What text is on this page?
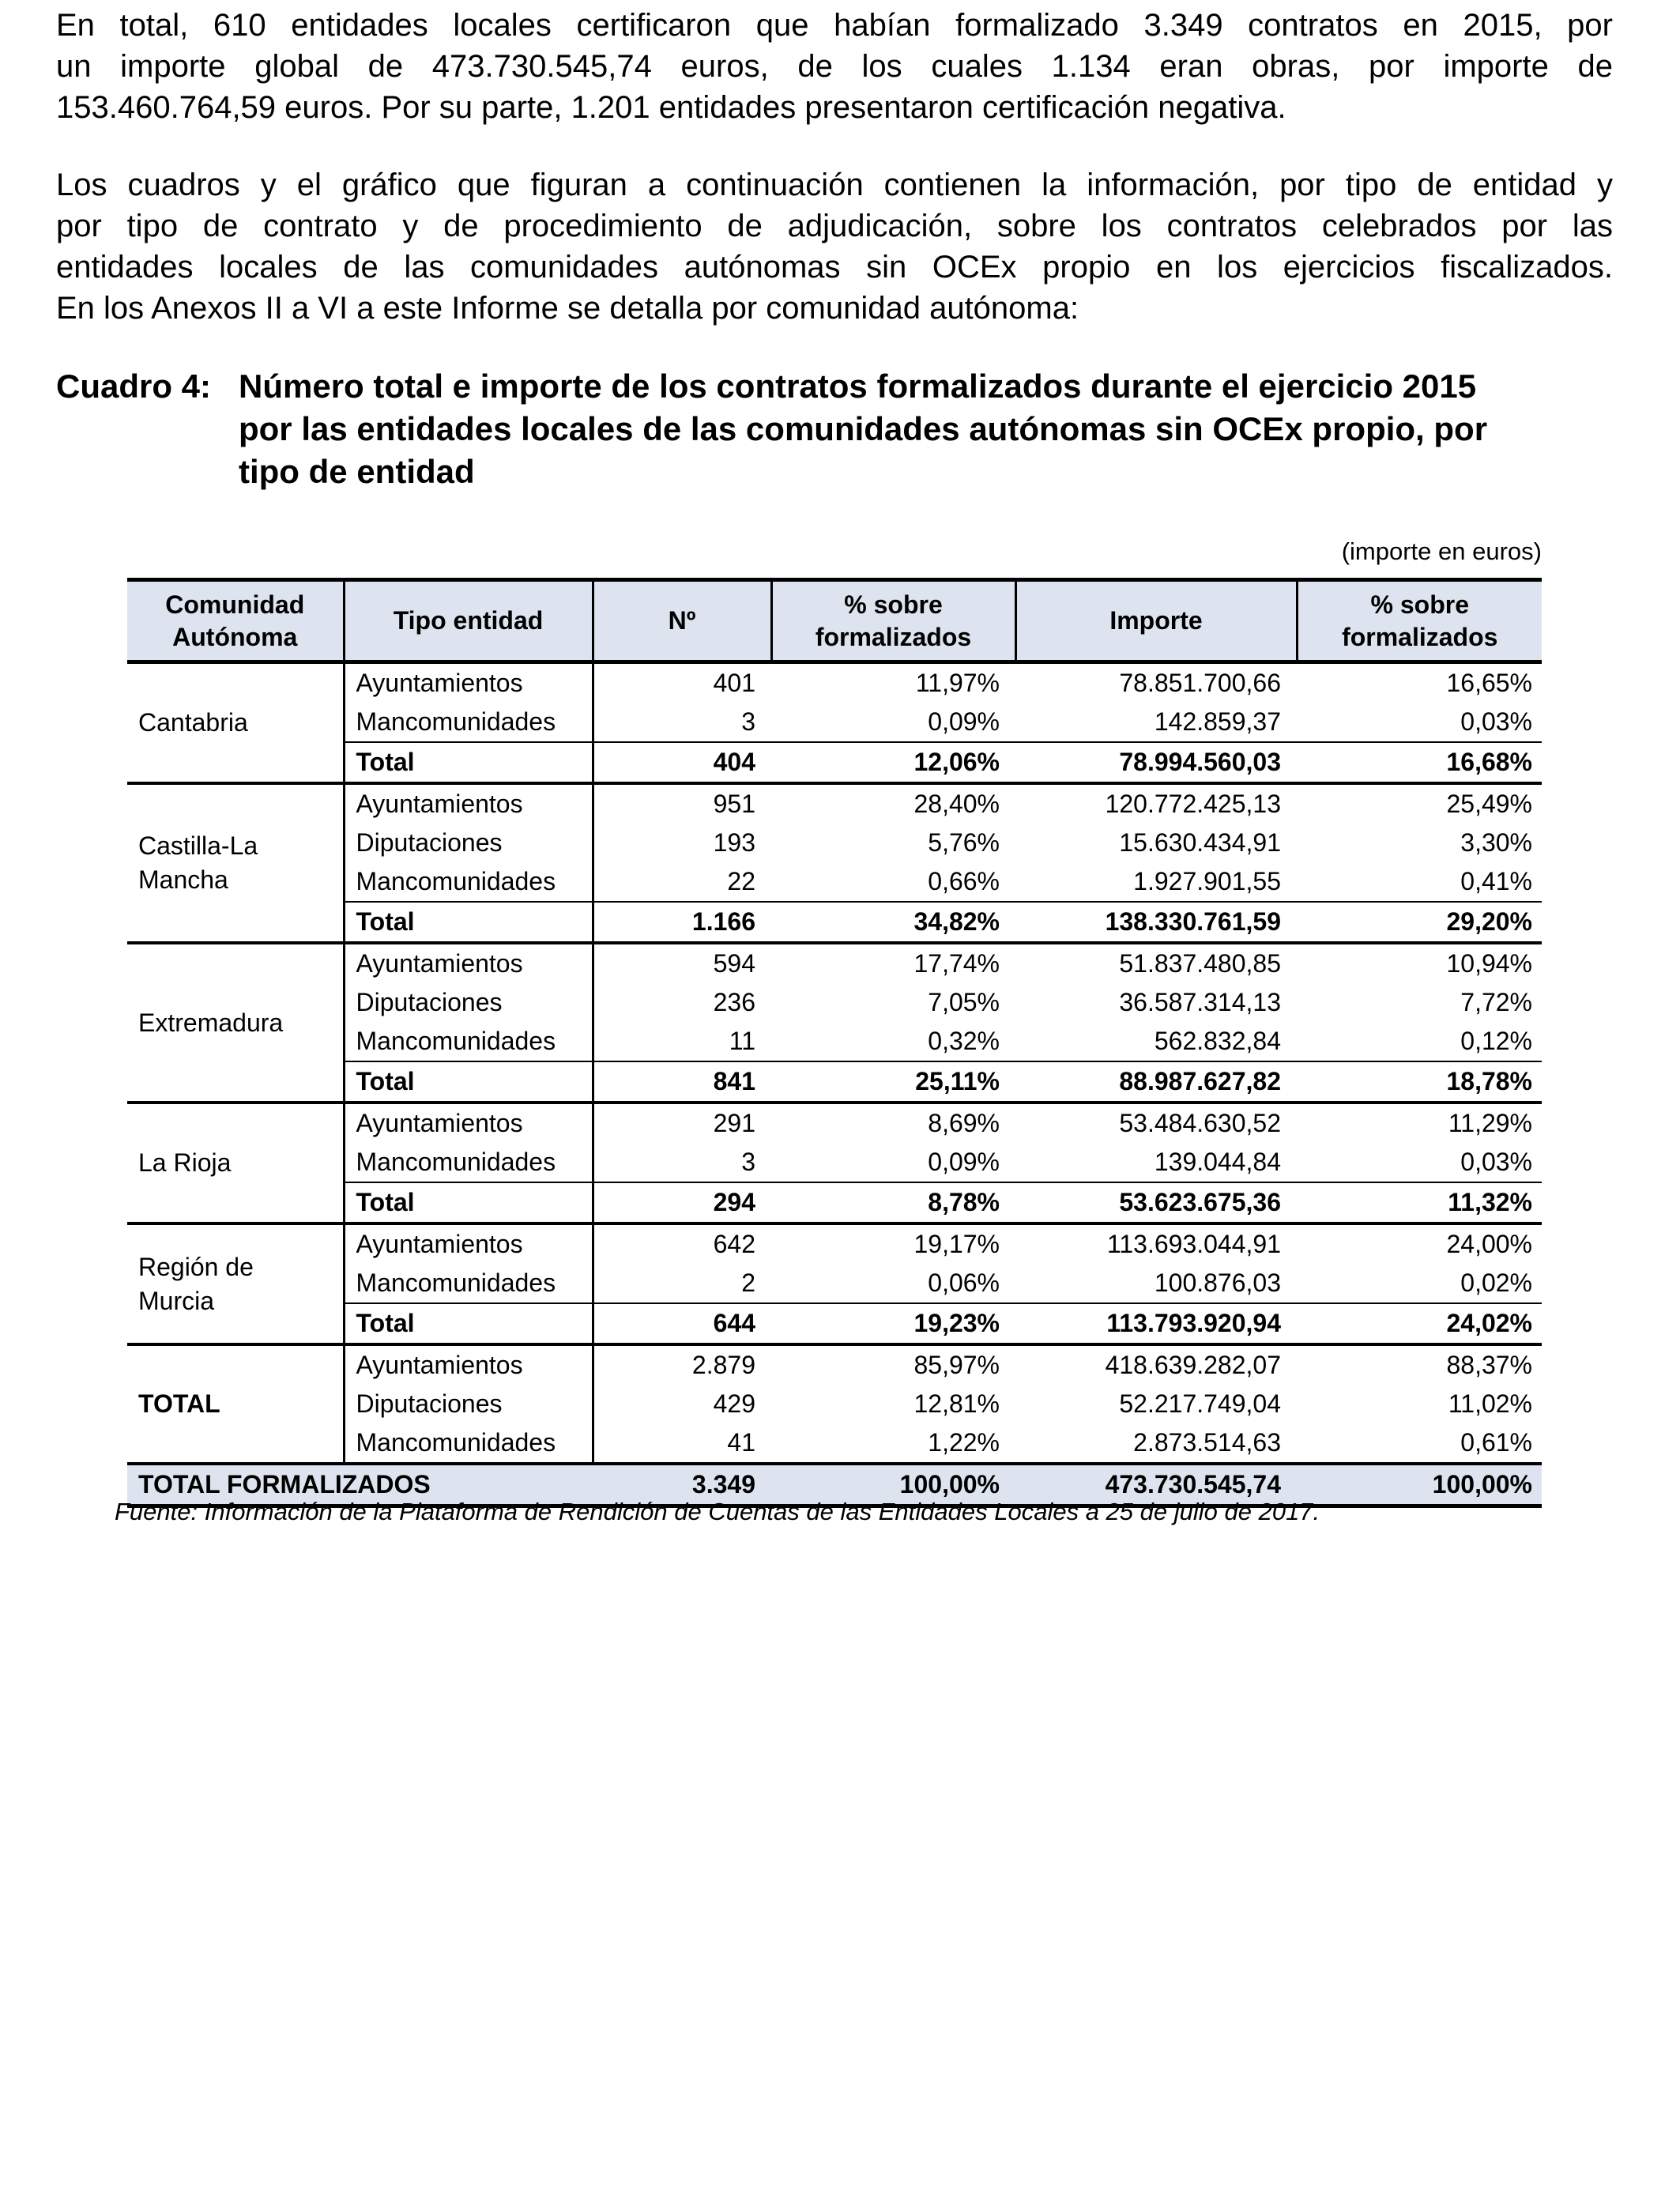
En total, 610 entidades locales certificaron que habían formalizado 3.349 contratos en 2015, por
un importe global de 473.730.545,74 euros, de los cuales 1.134 eran obras, por importe de
153.460.764,59 euros. Por su parte, 1.201 entidades presentaron certificación negativa.
Los cuadros y el gráfico que figuran a continuación contienen la información, por tipo de entidad y
por tipo de contrato y de procedimiento de adjudicación, sobre los contratos celebrados por las
entidades locales de las comunidades autónomas sin OCEx propio en los ejercicios fiscalizados.
En los Anexos II a VI a este Informe se detalla por comunidad autónoma:
Cuadro 4: Número total e importe de los contratos formalizados durante el ejercicio 2015
por las entidades locales de las comunidades autónomas sin OCEx propio, por
tipo de entidad
(importe en euros)
Comunidad Autónoma	Tipo entidad	Nº	% sobre formalizados	Importe	% sobre formalizados
Cantabria	Ayuntamientos	401	11,97%	78.851.700,66	16,65%
	Mancomunidades	3	0,09%	142.859,37	0,03%
	Total	404	12,06%	78.994.560,03	16,68%
Castilla-La Mancha	Ayuntamientos	951	28,40%	120.772.425,13	25,49%
	Diputaciones	193	5,76%	15.630.434,91	3,30%
	Mancomunidades	22	0,66%	1.927.901,55	0,41%
	Total	1.166	34,82%	138.330.761,59	29,20%
Extremadura	Ayuntamientos	594	17,74%	51.837.480,85	10,94%
	Diputaciones	236	7,05%	36.587.314,13	7,72%
	Mancomunidades	11	0,32%	562.832,84	0,12%
	Total	841	25,11%	88.987.627,82	18,78%
La Rioja	Ayuntamientos	291	8,69%	53.484.630,52	11,29%
	Mancomunidades	3	0,09%	139.044,84	0,03%
	Total	294	8,78%	53.623.675,36	11,32%
Región de Murcia	Ayuntamientos	642	19,17%	113.693.044,91	24,00%
	Mancomunidades	2	0,06%	100.876,03	0,02%
	Total	644	19,23%	113.793.920,94	24,02%
TOTAL	Ayuntamientos	2.879	85,97%	418.639.282,07	88,37%
	Diputaciones	429	12,81%	52.217.749,04	11,02%
	Mancomunidades	41	1,22%	2.873.514,63	0,61%
TOTAL FORMALIZADOS		3.349	100,00%	473.730.545,74	100,00%
Fuente: Información de la Plataforma de Rendición de Cuentas de las Entidades Locales a 25 de julio de 2017.
